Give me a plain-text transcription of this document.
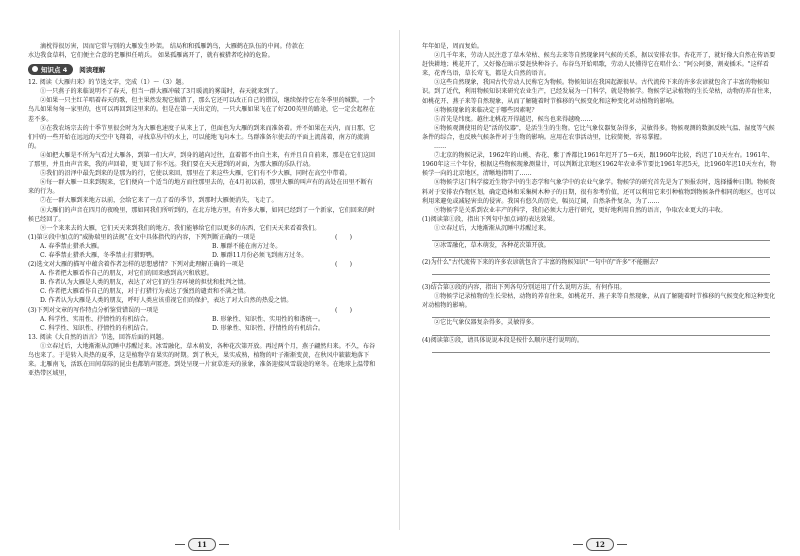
滴枕得很厉害，因而它常与别的大雁发生吵架。 结局和和孤雁鸽鸟，大雁鹤在队伍的中间。侍款在

水边我食草料，它们便主合意的老雁担任哨兵。 如果孤雁离开了，就有被猎者吃掉的危险。

知识点 4 阅读理解

12. 阅读《大雁归来》的节选文字，完成（1）～（3）题。

①一只燕子的来临说明不了春天，但当一群大雁冲破了3月暖流的雾霭时，春天就来到了。

②如果一只主红羊唱着春天的歌，但主果然发现它搞错了，那么它还可以改正自己的错误，继续保持它在冬季里的缄默。一个鸟儿如果匆匆一家里的，也可以再回到这里来的。但是在第一天出定的，一只大雁如果飞在了好200英里的路途，它一定会起程在差不多。

③在我农场宗去的十季节里很会时为为大雁也速度子从来上了，但面也为大雁的到来而准备着。并不如果在天内，而日那，它们中的一些开始在远远的天空中飞翔着，寻找草丛中的水上，可以能地飞向本土。鸟群准备尔使去的平面上流荡着，南方的流淌的。

④如把大雁是不所为气看过大雁各，到第一们大声，到身的越向过往，直着都不由自主来，有并且自自前来，那是在它们这回了那里，并且由声音来，我的声回着，更飞回了你不远。我们要在天天进到的对面，为那大雁的乐队行动。

⑤我们的沼泽中最先到来的是那为的行，它使以来回，那里在了来这些大雁，它们有不少大雁，同时在高空中带着。

⑥每一群大雁一旦来到现来，它们便向一个适当的地方而往那里去的，在4月初以前，那里大雁的叫声有的高处在田里不断有来的行为。

⑦在一群大雁到来地方以前，会给它来了一点了看的季节，到那时大雁便消失，飞走了。

⑧大雁们的声音在四月的夜晚里，那如同我们所听到的，在北方地方里，有许多大雁，如同已经到了一个新家，它们回来的时候已经回了。

⑨一个来来去的大雁，它们天天来到我们的地方，我们能够给它们以更多的东西，它们天天来看着我们。

(1)第②段中加点的"威胁瑞里的法规"在文中具体指代的内容，下列判断正确的一项是	(　　)

A. 春季禁止猎杀大雁。	B. 雁群不能在南方过冬。

C. 春季禁止猎杀大雁，冬季禁止打猎野鸭。	D. 雁群11月份必须飞到南方过冬。

(2)选文对大雁的描写中蕴含着作者怎样的思想感情？下列对此理解正确的一项是	(　　)

A. 作者把大雁看作自己的朋友，对它们的回来感到高兴和欣慰。

B. 作者认为大雁是人类的朋友，表达了对它们的生存环境的担忧和批判之情。

C. 作者把大雁看作自己的朋友，对于打猎行为表达了强烈的谴责和不满之情。

D. 作者认为大雁是人类的朋友，呼吁人类应该重视它们的保护，表达了对大自然的热爱之情。

(3)下列对文章的写作特点分析鉴赏错误的一项是	(　　)

A. 科学性、实用性、抒情性的有机结合。	B. 形象性、知识性、实用性的和谐统一。

C. 科学性、知识性、抒情性的有机结合。	D. 形象性、知识性、抒情性的有机结合。

13. 阅读《大自然的语言》节选，回答后面的问题。

①立春过后，大地渐渐从沉睡中苏醒过来。冰雪融化，草木萌发，各种花次第开放。再过两个月，燕子翩然归来。不久，布谷鸟也来了。于是转入炎热的夏季，这是植物孕育果实的时期。到了秋天，果实成熟，植物的叶子渐渐变黄，在秋风中簌簌地落下来。北雁南飞，活跃在田间草际的昆虫也都销声匿迹。到处呈现一片衰草连天的景象，准备迎接风雪载途的寒冬。在地球上温带和亚热带区域里，

年年如是，周而复始。

②几千年来，劳动人民注意了草木荣枯、候鸟去来等自然现象同气候的关系，据以安排农事。杏花开了，就好像大自然在传语要赶快耕地；桃花开了，又好像在暗示要赶快种谷子。布谷鸟开始唱歌，劳动人民懂得它在唱什么："阿公阿婆，割麦插禾。"这样看来，花香鸟语，草长莺飞，都是大自然的语言。

③这些自然现象，我国古代劳动人民称它为物候。物候知识在我国起源很早。古代流传下来的许多农谚就包含了丰富的物候知识。到了近代，利用物候知识来研究农业生产，已经发展为一门科学，就是物候学。物候学记录植物的生长荣枯，动物的养育往来，如桃花开、燕子来等自然现象，从而了解随着时节推移的气候变化和这种变化对动植物的影响。

④物候现象的来临决定于哪些因素呢？

⑤首先是纬度。越往北桃花开得越迟，候鸟也来得越晚……

⑥物候观测使用的是"活的仪器"，是活生生的生物。它比气象仪器复杂得多，灵敏得多。物候观测的数据反映气温、湿度等气候条件的综合，也反映气候条件对于生物的影响。应用在农事活动里，比较简便，容易掌握。

……

⑦北京的物候记录，1962年的山桃、杏花、紫丁香都比1961年迟开了5～6天，跟1960年比较，约迟了10天左右。1961年、1960年这三个年份，根据这些物候现象测量计，可以判断北京地区1962年农业季节要比1961年迟5天，比1960年迟10天左右，物候学一向的北京地区，清晰地指明了……

⑧物候学这门科学接近生物学中的生态学和气象学中的农业气象学。物候学的研究首先是为了预报农时，选择播种日期。物候资料对于安排农作物区划，确定造林和采集树木种子的日期，很有参考价值，还可以利用它来引种植物到物候条件相同的地区，也可以利用来避免或减轻害虫的侵害。我国有悠久的历史，幅员辽阔，自然条件复杂，为了……

⑨物候学是关系到农业丰产的科学，我们必须大力进行研究，更好地利用自然的语言，争取农业更大的丰收。

(1)阅读第①段，指出下列句中加点词的表达效果。

①立春过后，大地渐渐从沉睡中苏醒过来。

②冰雪融化，草木萌发，各种花次第开放。

(2)为什么"古代流传下来的许多农谚就包含了丰富的物候知识"一句中的"许多"不能删去？

(3)结合第③段的内容，指出下列各句分别运用了什么说明方法，有何作用。

①物候学记录植物的生长荣枯，动物的养育往来，如桃花开、燕子来等自然现象，从而了解随着时节推移的气候变化和这种变化对动植物的影响。

②它比气象仪器复杂得多，灵敏得多。

(4)阅读第⑤段，请具体说说本段是按什么顺序进行说明的。

11	12
